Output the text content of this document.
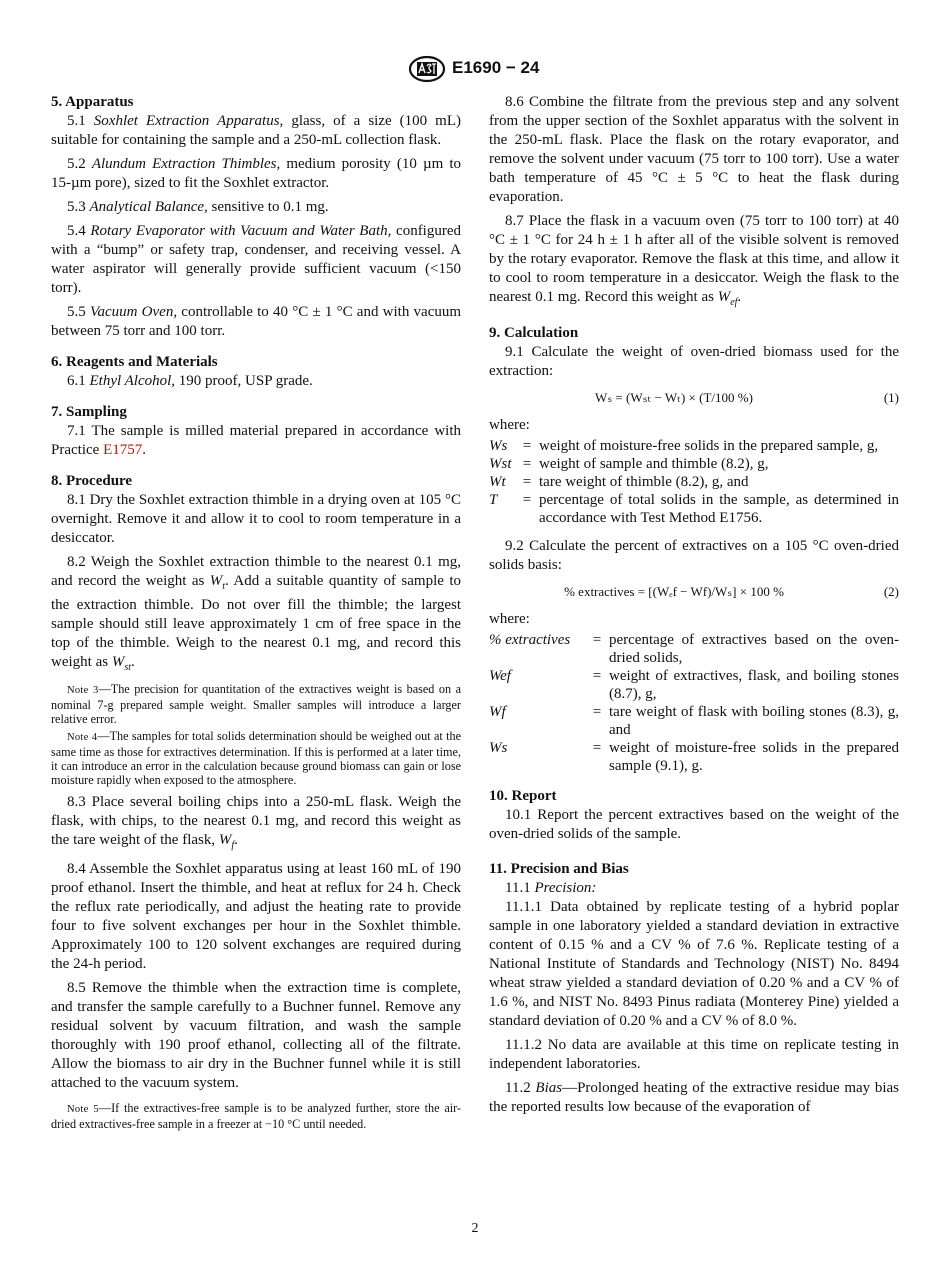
E1690 − 24

5. Apparatus

5.1 Soxhlet Extraction Apparatus, glass, of a size (100 mL) suitable for containing the sample and a 250-mL collection flask.

5.2 Alundum Extraction Thimbles, medium porosity (10 µm to 15-µm pore), sized to fit the Soxhlet extractor.

5.3 Analytical Balance, sensitive to 0.1 mg.

5.4 Rotary Evaporator with Vacuum and Water Bath, configured with a “bump” or safety trap, condenser, and receiving vessel. A water aspirator will generally provide sufficient vacuum (<150 torr).

5.5 Vacuum Oven, controllable to 40 °C ± 1 °C and with vacuum between 75 torr and 100 torr.

6. Reagents and Materials

6.1 Ethyl Alcohol, 190 proof, USP grade.

7. Sampling

7.1 The sample is milled material prepared in accordance with Practice E1757.

8. Procedure

8.1 Dry the Soxhlet extraction thimble in a drying oven at 105 °C overnight. Remove it and allow it to cool to room temperature in a desiccator.

8.2 Weigh the Soxhlet extraction thimble to the nearest 0.1 mg, and record the weight as $W_t$. Add a suitable quantity of sample to the extraction thimble. Do not over fill the thimble; the largest sample should still leave approximately 1 cm of free space in the top of the thimble. Weigh to the nearest 0.1 mg, and record this weight as $W_{st}$.

Note 3—The precision for quantitation of the extractives weight is based on a nominal 7-g prepared sample weight. Smaller samples will introduce a larger relative error.

Note 4—The samples for total solids determination should be weighed out at the same time as those for extractives determination. If this is performed at a later time, it can introduce an error in the calculation because ground biomass can gain or lose moisture rapidly when exposed to the atmosphere.

8.3 Place several boiling chips into a 250-mL flask. Weigh the flask, with chips, to the nearest 0.1 mg, and record this weight as the tare weight of the flask, $W_f$.

8.4 Assemble the Soxhlet apparatus using at least 160 mL of 190 proof ethanol. Insert the thimble, and heat at reflux for 24 h. Check the reflux rate periodically, and adjust the heating rate to provide four to five solvent exchanges per hour in the Soxhlet thimble. Approximately 100 to 120 solvent exchanges are required during the 24-h period.

8.5 Remove the thimble when the extraction time is complete, and transfer the sample carefully to a Buchner funnel. Remove any residual solvent by vacuum filtration, and wash the sample thoroughly with 190 proof ethanol, collecting all of the filtrate. Allow the biomass to air dry in the Buchner funnel while it is still attached to the vacuum system.

Note 5—If the extractives-free sample is to be analyzed further, store the air-dried extractives-free sample in a freezer at −10 °C until needed.

8.6 Combine the filtrate from the previous step and any solvent from the upper section of the Soxhlet apparatus with the solvent in the 250-mL flask. Place the flask on the rotary evaporator, and remove the solvent under vacuum (75 torr to 100 torr). Use a water bath temperature of 45 °C ± 5 °C to heat the flask during evaporation.

8.7 Place the flask in a vacuum oven (75 torr to 100 torr) at 40 °C ± 1 °C for 24 h ± 1 h after all of the visible solvent is removed by the rotary evaporator. Remove the flask at this time, and allow it to cool to room temperature in a desiccator. Weigh the flask to the nearest 0.1 mg. Record this weight as $W_{ef}$.

9. Calculation

9.1 Calculate the weight of oven-dried biomass used for the extraction:

Wₛ = (Wₛₜ − Wₜ) × (T/100 %)	(1)

where:

Ws	=	weight of moisture-free solids in the prepared sample, g,
Wst	=	weight of sample and thimble (8.2), g,
Wt	=	tare weight of thimble (8.2), g, and
T	=	percentage of total solids in the sample, as determined in accordance with Test Method E1756.

9.2 Calculate the percent of extractives on a 105 °C oven-dried solids basis:

% extractives = [(Wₑf − Wf)/Wₛ] × 100 %	(2)

where:

% extractives	=	percentage of extractives based on the oven-dried solids,
Wef	=	weight of extractives, flask, and boiling stones (8.7), g,
Wf	=	tare weight of flask with boiling stones (8.3), g, and
Ws	=	weight of moisture-free solids in the prepared sample (9.1), g.

10. Report

10.1 Report the percent extractives based on the weight of the oven-dried solids of the sample.

11. Precision and Bias

11.1 Precision:

11.1.1 Data obtained by replicate testing of a hybrid poplar sample in one laboratory yielded a standard deviation in extractive content of 0.15 % and a CV % of 7.6 %. Replicate testing of a National Institute of Standards and Technology (NIST) No. 8494 wheat straw yielded a standard deviation of 0.20 % and a CV % of 1.6 %, and NIST No. 8493 Pinus radiata (Monterey Pine) yielded a standard deviation of 0.20 % and a CV % of 8.0 %.

11.1.2 No data are available at this time on replicate testing in independent laboratories.

11.2 Bias—Prolonged heating of the extractive residue may bias the reported results low because of the evaporation of

2
